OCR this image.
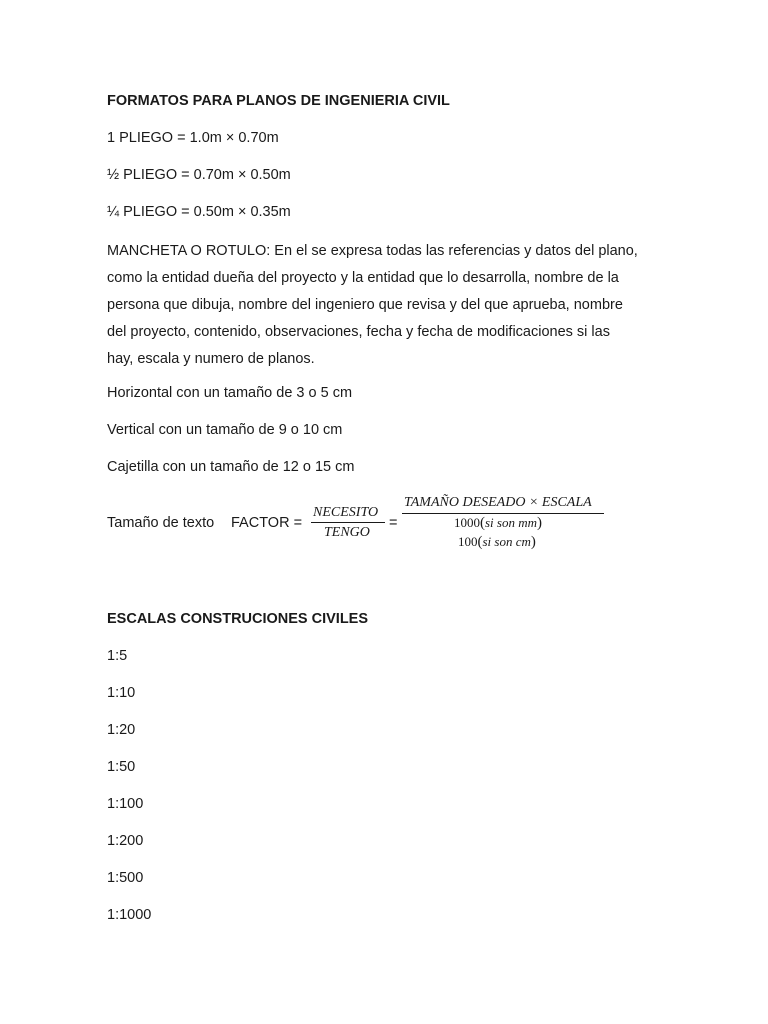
FORMATOS PARA PLANOS DE INGENIERIA CIVIL
1 PLIEGO = 1.0m × 0.70m
½ PLIEGO = 0.70m × 0.50m
¼ PLIEGO = 0.50m × 0.35m
MANCHETA O ROTULO: En el se expresa todas las referencias y datos del plano,
como la entidad dueña del proyecto y la entidad que lo desarrolla, nombre de la
persona que dibuja, nombre del ingeniero que revisa y del que aprueba, nombre
del proyecto, contenido, observaciones, fecha y fecha de modificaciones si las
hay, escala y numero de planos.
Horizontal con un tamaño de 3 o 5 cm
Vertical con un tamaño de 9 o 10 cm
Cajetilla con un tamaño de 12 o 15 cm
Tamaño de texto FACTOR =
NECESITO
TENGO
=
TAMAÑO DESEADO × ESCALA
1000(si son mm)
100(si son cm)
ESCALAS CONSTRUCIONES CIVILES
1:5
1:10
1:20
1:50
1:100
1:200
1:500
1:1000
